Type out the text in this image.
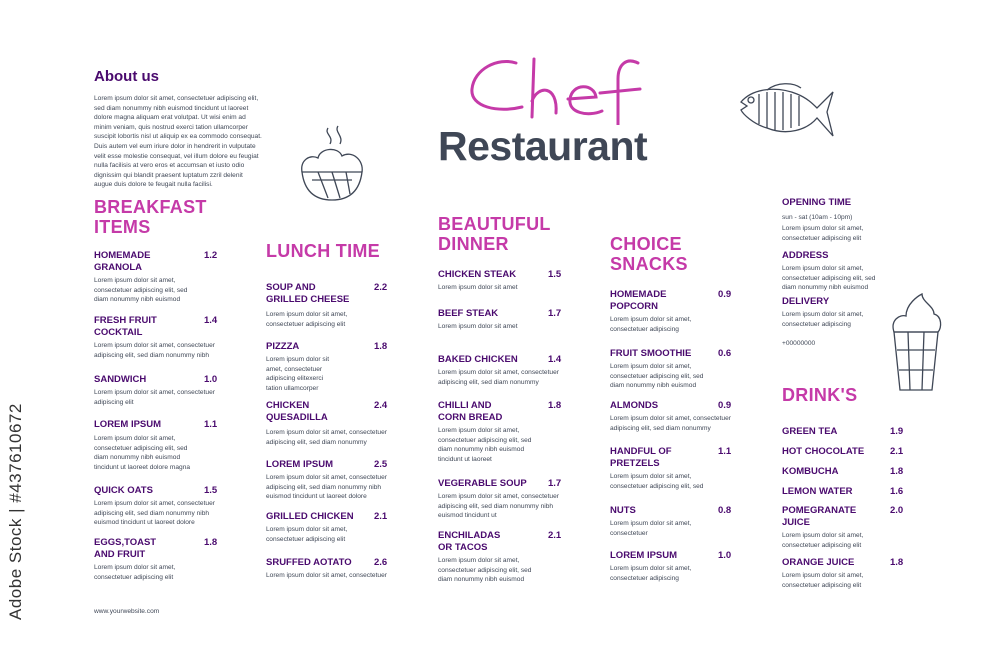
About us
Lorem ipsum dolor sit amet, consectetuer adipiscing elit,
sed diam nonummy nibh euismod tincidunt ut laoreet
dolore magna aliquam erat volutpat. Ut wisi enim ad
minim veniam, quis nostrud exerci tation ullamcorper
suscipit lobortis nisl ut aliquip ex ea commodo consequat.
Duis autem vel eum iriure dolor in hendrerit in vulputate
velit esse molestie consequat, vel illum dolore eu feugiat
nulla facilisis at vero eros et accumsan et iusto odio
dignissim qui blandit praesent luptatum zzril delenit
augue duis dolore te feugait nulla facilisi.
Restaurant
BREAKFAST
ITEMS
HOMEMADE
GRANOLA
1.2
Lorem ipsum dolor sit amet,
consectetuer adipiscing elit, sed
diam nonummy nibh euismod
FRESH FRUIT
COCKTAIL
1.4
Lorem ipsum dolor sit amet, consectetuer
adipiscing elit, sed diam nonummy nibh
SANDWICH	1.0
Lorem ipsum dolor sit amet, consectetuer
adipiscing elit
LOREM IPSUM	1.1
Lorem ipsum dolor sit amet,
consectetuer adipiscing elit, sed
diam nonummy nibh euismod
tincidunt ut laoreet dolore magna
QUICK OATS	1.5
Lorem ipsum dolor sit amet, consectetuer
adipiscing elit, sed diam nonummy nibh
euismod tincidunt ut laoreet dolore
EGGS,TOAST
AND FRUIT
1.8
Lorem ipsum dolor sit amet,
consectetuer adipiscing elit
LUNCH TIME
SOUP AND
GRILLED CHEESE
2.2
Lorem ipsum dolor sit amet,
consectetuer adipiscing elit
PIZZZA	1.8
Lorem ipsum dolor sit
amet, consectetuer
adipiscing elitexerci
tation ullamcorper
CHICKEN
QUESADILLA
2.4
Lorem ipsum dolor sit amet, consectetuer
adipiscing elit, sed diam nonummy
LOREM IPSUM	2.5
Lorem ipsum dolor sit amet, consectetuer
adipiscing elit, sed diam nonummy nibh
euismod tincidunt ut laoreet dolore
GRILLED CHICKEN 2.1
Lorem ipsum dolor sit amet,
consectetuer adipiscing elit
SRUFFED AOTATO 2.6
Lorem ipsum dolor sit amet, consectetuer
BEAUTUFUL
DINNER
CHICKEN STEAK	1.5
Lorem ipsum dolor sit amet
BEEF STEAK	1.7
Lorem ipsum dolor sit amet
BAKED CHICKEN	1.4
Lorem ipsum dolor sit amet, consectetuer
adipiscing elit, sed diam nonummy
CHILLI AND
CORN BREAD
1.8
Lorem ipsum dolor sit amet,
consectetuer adipiscing elit, sed
diam nonummy nibh euismod
tincidunt ut laoreet
VEGERABLE SOUP 1.7
Lorem ipsum dolor sit amet, consectetuer
adipiscing elit, sed diam nonummy nibh
euismod tincidunt ut
ENCHILADAS
OR TACOS
2.1
Lorem ipsum dolor sit amet,
consectetuer adipiscing elit, sed
diam nonummy nibh euismod
CHOICE
SNACKS
HOMEMADE
POPCORN
0.9
Lorem ipsum dolor sit amet,
consectetuer adipiscing
FRUIT SMOOTHIE	0.6
Lorem ipsum dolor sit amet,
consectetuer adipiscing elit, sed
diam nonummy nibh euismod
ALMONDS	0.9
Lorem ipsum dolor sit amet, consectetuer
adipiscing elit, sed diam nonummy
HANDFUL OF
PRETZELS
1.1
Lorem ipsum dolor sit amet,
consectetuer adipiscing elit, sed
NUTS	0.8
Lorem ipsum dolor sit amet,
consectetuer
LOREM IPSUM	1.0
Lorem ipsum dolor sit amet,
consectetuer adipiscing
DRINK'S
GREEN TEA	1.9
HOT CHOCOLATE	2.1
KOMBUCHA	1.8
LEMON WATER	1.6
POMEGRANATE
JUICE
2.0
Lorem ipsum dolor sit amet,
consectetuer adipiscing elit
ORANGE JUICE	1.8
Lorem ipsum dolor sit amet,
consectetuer adipiscing elit
OPENING TIME
sun - sat (10am - 10pm)
Lorem ipsum dolor sit amet,
consectetuer adipiscing elit
ADDRESS
Lorem ipsum dolor sit amet,
consectetuer adipiscing elit, sed
diam nonummy nibh euismod
DELIVERY
Lorem ipsum dolor sit amet,
consectetuer adipiscing

+00000000
www.yourwebsite.com
Adobe Stock | #437610672
